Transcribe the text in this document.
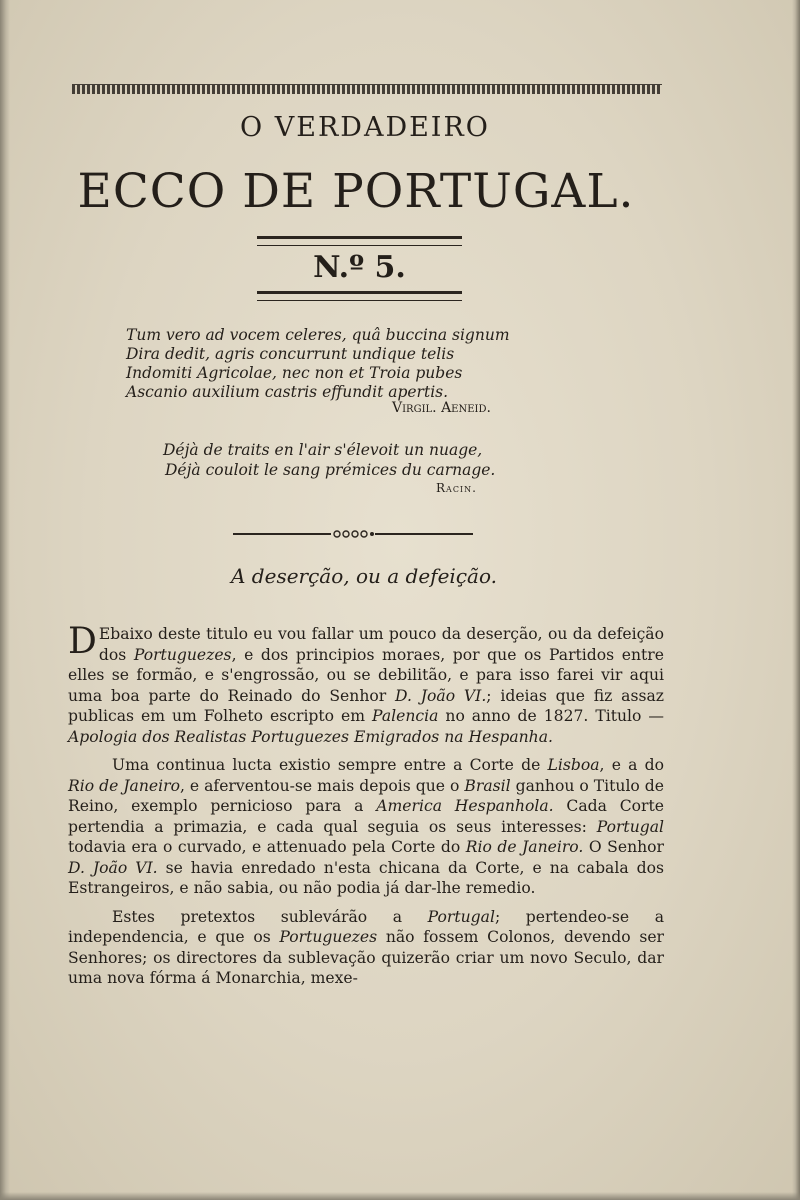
O VERDADEIRO
ECCO DE PORTUGAL.
N.º 5.
Tum vero ad vocem celeres, quâ buccina signum
Dira dedit, agris concurrunt undique telis
Indomiti Agricolae, nec non et Troia pubes
Ascanio auxilium castris effundit apertis.
Virgil. Aeneid.
Déjà de traits en l'air s'élevoit un nuage,
Déjà couloit le sang prémices du carnage.
Racin.
A deserção, ou a defeição.

D Ebaixo deste titulo eu vou fallar um pouco da deserção, ou da defeição dos Portuguezes, e dos principios moraes, por que os Partidos entre elles se formão, e s'engrossão, ou se debilitão, e para isso farei vir aqui uma boa parte do Reinado do Senhor D. João VI.; ideias que fiz assaz publicas em um Folheto escripto em Palencia no anno de 1827. Titulo — Apologia dos Realistas Portuguezes Emigrados na Hespanha.

Uma continua lucta existio sempre entre a Corte de Lisboa, e a do Rio de Janeiro, e aferventou-se mais depois que o Brasil ganhou o Titulo de Reino, exemplo pernicioso para a America Hespanhola. Cada Corte pertendia a primazia, e cada qual seguia os seus interesses: Portugal todavia era o curvado, e attenuado pela Corte do Rio de Janeiro. O Senhor D. João VI. se havia enredado n'esta chicana da Corte, e na cabala dos Estrangeiros, e não sabia, ou não podia já dar-lhe remedio.

Estes pretextos sublevárão a Portugal; pertendeo-se a independencia, e que os Portuguezes não fossem Colonos, devendo ser Senhores; os directores da sublevação quizerão criar um novo Seculo, dar uma nova fórma á Monarchia, mexe-
